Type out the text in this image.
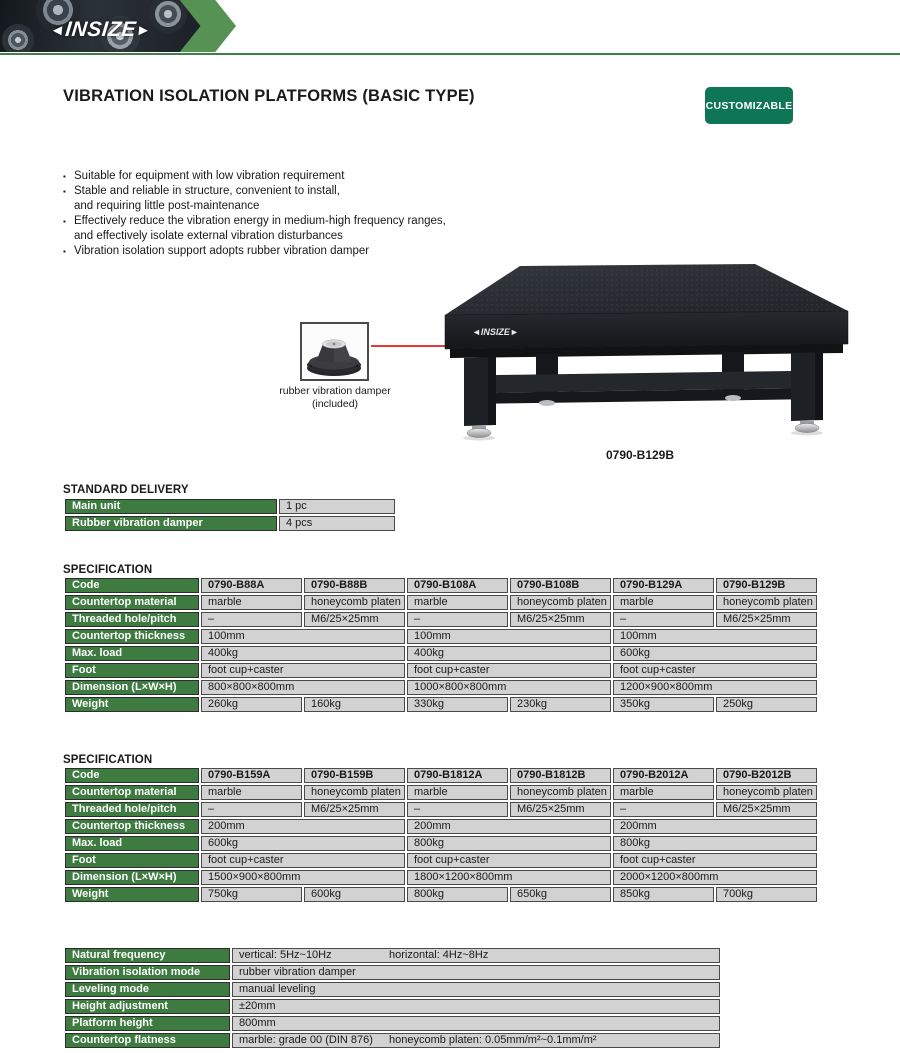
◄INSIZE►
VIBRATION ISOLATION PLATFORMS (BASIC TYPE)
CUSTOMIZABLE
▪ Suitable for equipment with low vibration requirement
▪ Stable and reliable in structure, convenient to install,
and requiring little post-maintenance
▪ Effectively reduce the vibration energy in medium-high frequency ranges,
and effectively isolate external vibration disturbances
▪ Vibration isolation support adopts rubber vibration damper
rubber vibration damper
(included)
◄INSIZE►
0790-B129B
STANDARD DELIVERY
Main unit	1 pc
Rubber vibration damper	4 pcs
SPECIFICATION
Code	0790-B88A	0790-B88B	0790-B108A	0790-B108B	0790-B129A	0790-B129B
Countertop material	marble	honeycomb platen	marble	honeycomb platen	marble	honeycomb platen
Threaded hole/pitch	–	M6/25×25mm	–	M6/25×25mm	–	M6/25×25mm
Countertop thickness	100mm		100mm		100mm	
Max. load	400kg		400kg		600kg	
Foot	foot cup+caster		foot cup+caster		foot cup+caster	
Dimension (L×W×H)	800×800×800mm		1000×800×800mm		1200×900×800mm	
Weight	260kg	160kg	330kg	230kg	350kg	250kg
SPECIFICATION
Code	0790-B159A	0790-B159B	0790-B1812A	0790-B1812B	0790-B2012A	0790-B2012B
Countertop material	marble	honeycomb platen	marble	honeycomb platen	marble	honeycomb platen
Threaded hole/pitch	–	M6/25×25mm	–	M6/25×25mm	–	M6/25×25mm
Countertop thickness	200mm		200mm		200mm	
Max. load	600kg		800kg		800kg	
Foot	foot cup+caster		foot cup+caster		foot cup+caster	
Dimension (L×W×H)	1500×900×800mm		1800×1200×800mm		2000×1200×800mm	
Weight	750kg	600kg	800kg	650kg	850kg	700kg
Natural frequency	vertical: 5Hz~10Hz horizontal: 4Hz~8Hz
Vibration isolation mode	rubber vibration damper
Leveling mode	manual leveling
Height adjustment	±20mm
Platform height	800mm
Countertop flatness	marble: grade 00 (DIN 876) honeycomb platen: 0.05mm/m²~0.1mm/m²
